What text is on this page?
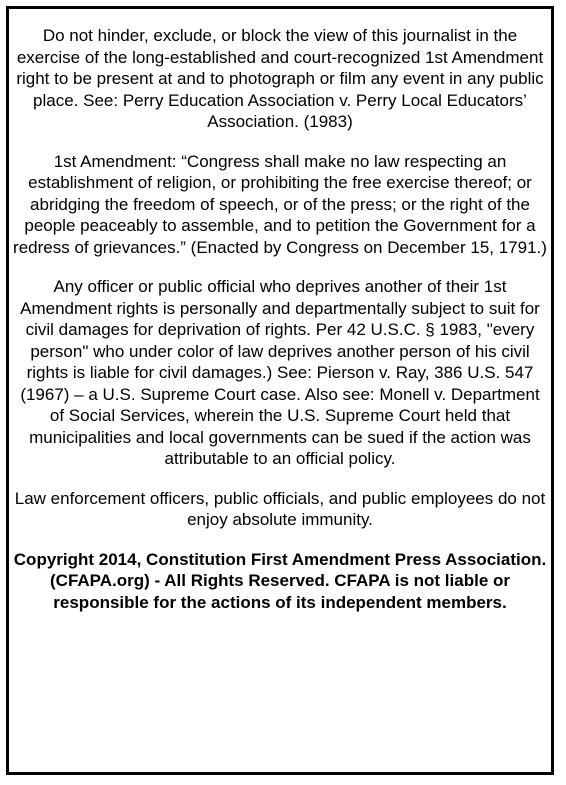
Do not hinder, exclude, or block the view of this journalist in the exercise of the long-established and court-recognized 1st Amendment right to be present at and to photograph or film any event in any public place. See: Perry Education Association v. Perry Local Educators’ Association. (1983)

1st Amendment: “Congress shall make no law respecting an establishment of religion, or prohibiting the free exercise thereof; or abridging the freedom of speech, or of the press; or the right of the people peaceably to assemble, and to petition the Government for a redress of grievances.” (Enacted by Congress on December 15, 1791.)

Any officer or public official who deprives another of their 1st Amendment rights is personally and departmentally subject to suit for civil damages for deprivation of rights. Per 42 U.S.C. § 1983, "every person" who under color of law deprives another person of his civil rights is liable for civil damages.) See: Pierson v. Ray, 386 U.S. 547 (1967) – a U.S. Supreme Court case. Also see: Monell v. Department of Social Services, wherein the U.S. Supreme Court held that municipalities and local governments can be sued if the action was attributable to an official policy.

Law enforcement officers, public officials, and public employees do not enjoy absolute immunity.

Copyright 2014, Constitution First Amendment Press Association. (CFAPA.org) - All Rights Reserved. CFAPA is not liable or responsible for the actions of its independent members.
